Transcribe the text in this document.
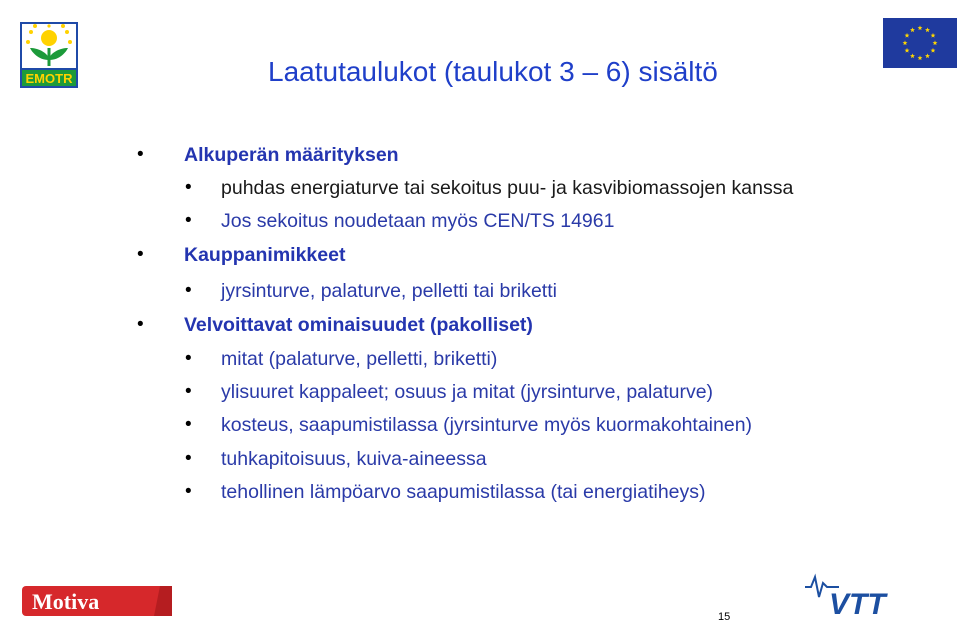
EMOTR	Laatutaulukot (taulukot 3 – 6) sisältö
• Alkuperän määrityksen
• puhdas energiaturve tai sekoitus puu- ja kasvibiomassojen kanssa
• Jos sekoitus noudetaan myös CEN/TS 14961
• Kauppanimikkeet
• jyrsinturve, palaturve, pelletti tai briketti
• Velvoittavat ominaisuudet (pakolliset)
• mitat (palaturve, pelletti, briketti)
• ylisuuret kappaleet; osuus ja mitat (jyrsinturve, palaturve)
• kosteus, saapumistilassa (jyrsinturve myös kuormakohtainen)
• tuhkapitoisuus, kuiva-aineessa
• tehollinen lämpöarvo saapumistilassa (tai energiatiheys)
Motiva	VTT
15
